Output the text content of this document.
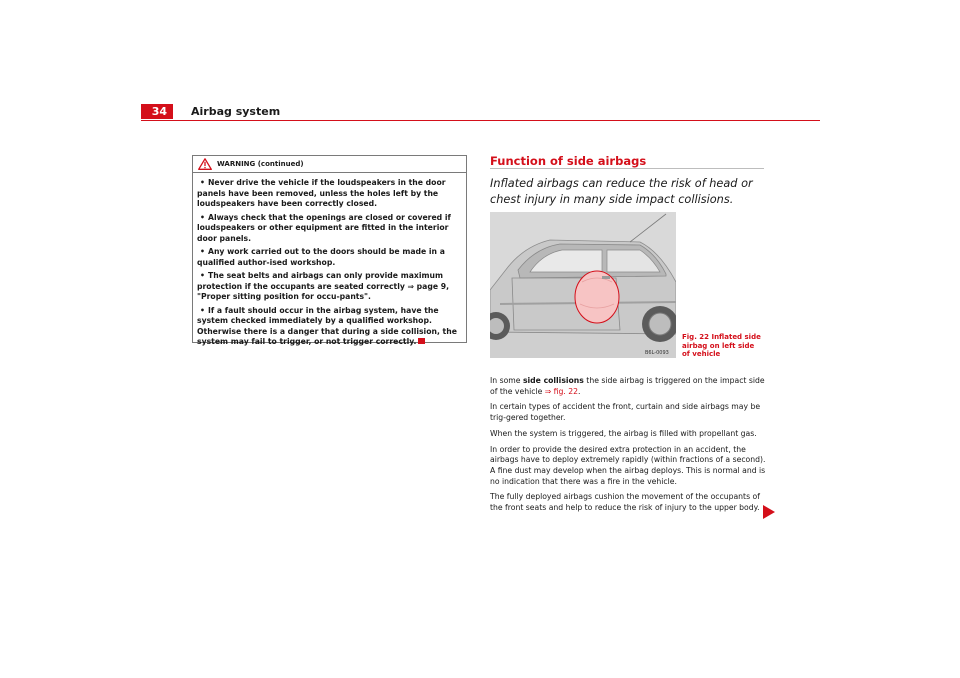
34	Airbag system
WARNING (continued)
• Never drive the vehicle if the loudspeakers in the door panels have been removed, unless the holes left by the loudspeakers have been correctly closed.
• Always check that the openings are closed or covered if loudspeakers or other equipment are fitted in the interior door panels.
• Any work carried out to the doors should be made in a qualified author-ised workshop.
• The seat belts and airbags can only provide maximum protection if the occupants are seated correctly ⇒ page 9, "Proper sitting position for occu-pants".
• If a fault should occur in the airbag system, have the system checked immediately by a qualified workshop. Otherwise there is a danger that during a side collision, the system may fail to trigger, or not trigger correctly.
Function of side airbags
Inflated airbags can reduce the risk of head or chest injury in many side impact collisions.
B6L-0093
Fig. 22 Inflated side airbag on left side of vehicle

In some side collisions the side airbag is triggered on the impact side of the vehicle ⇒ fig. 22.

In certain types of accident the front, curtain and side airbags may be trig-gered together.

When the system is triggered, the airbag is filled with propellant gas.

In order to provide the desired extra protection in an accident, the airbags have to deploy extremely rapidly (within fractions of a second). A fine dust may develop when the airbag deploys. This is normal and is no indication that there was a fire in the vehicle.

The fully deployed airbags cushion the movement of the occupants of the front seats and help to reduce the risk of injury to the upper body.
